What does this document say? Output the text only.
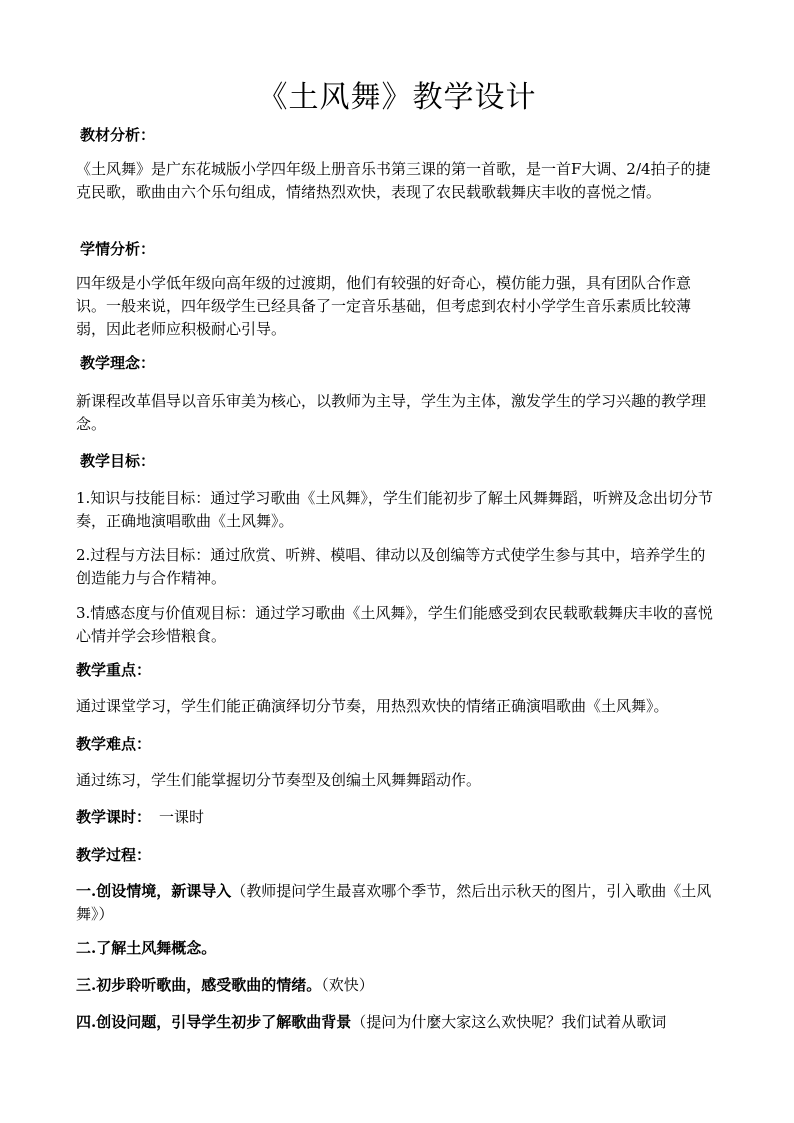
《土风舞》教学设计
教材分析：
《土风舞》是广东花城版小学四年级上册音乐书第三课的第一首歌，是一首F大调、2/4拍子的捷克民歌，歌曲由六个乐句组成，情绪热烈欢快，表现了农民载歌载舞庆丰收的喜悦之情。
学情分析：
四年级是小学低年级向高年级的过渡期，他们有较强的好奇心，模仿能力强，具有团队合作意识。一般来说，四年级学生已经具备了一定音乐基础，但考虑到农村小学学生音乐素质比较薄弱，因此老师应积极耐心引导。
教学理念：
新课程改革倡导以音乐审美为核心，以教师为主导，学生为主体，激发学生的学习兴趣的教学理念。
教学目标：
1.知识与技能目标：通过学习歌曲《土风舞》，学生们能初步了解土风舞舞蹈，听辨及念出切分节奏，正确地演唱歌曲《土风舞》。
2.过程与方法目标：通过欣赏、听辨、模唱、律动以及创编等方式使学生参与其中，培养学生的创造能力与合作精神。
3.情感态度与价值观目标：通过学习歌曲《土风舞》，学生们能感受到农民载歌载舞庆丰收的喜悦心情并学会珍惜粮食。
教学重点：
通过课堂学习，学生们能正确演绎切分节奏，用热烈欢快的情绪正确演唱歌曲《土风舞》。
教学难点：
通过练习，学生们能掌握切分节奏型及创编土风舞舞蹈动作。
教学课时： 一课时
教学过程：
一.创设情境，新课导入（教师提问学生最喜欢哪个季节，然后出示秋天的图片，引入歌曲《土风舞》）
二.了解土风舞概念。
三.初步聆听歌曲，感受歌曲的情绪。（欢快）
四.创设问题，引导学生初步了解歌曲背景（提问为什麼大家这么欢快呢？我们试着从歌词
